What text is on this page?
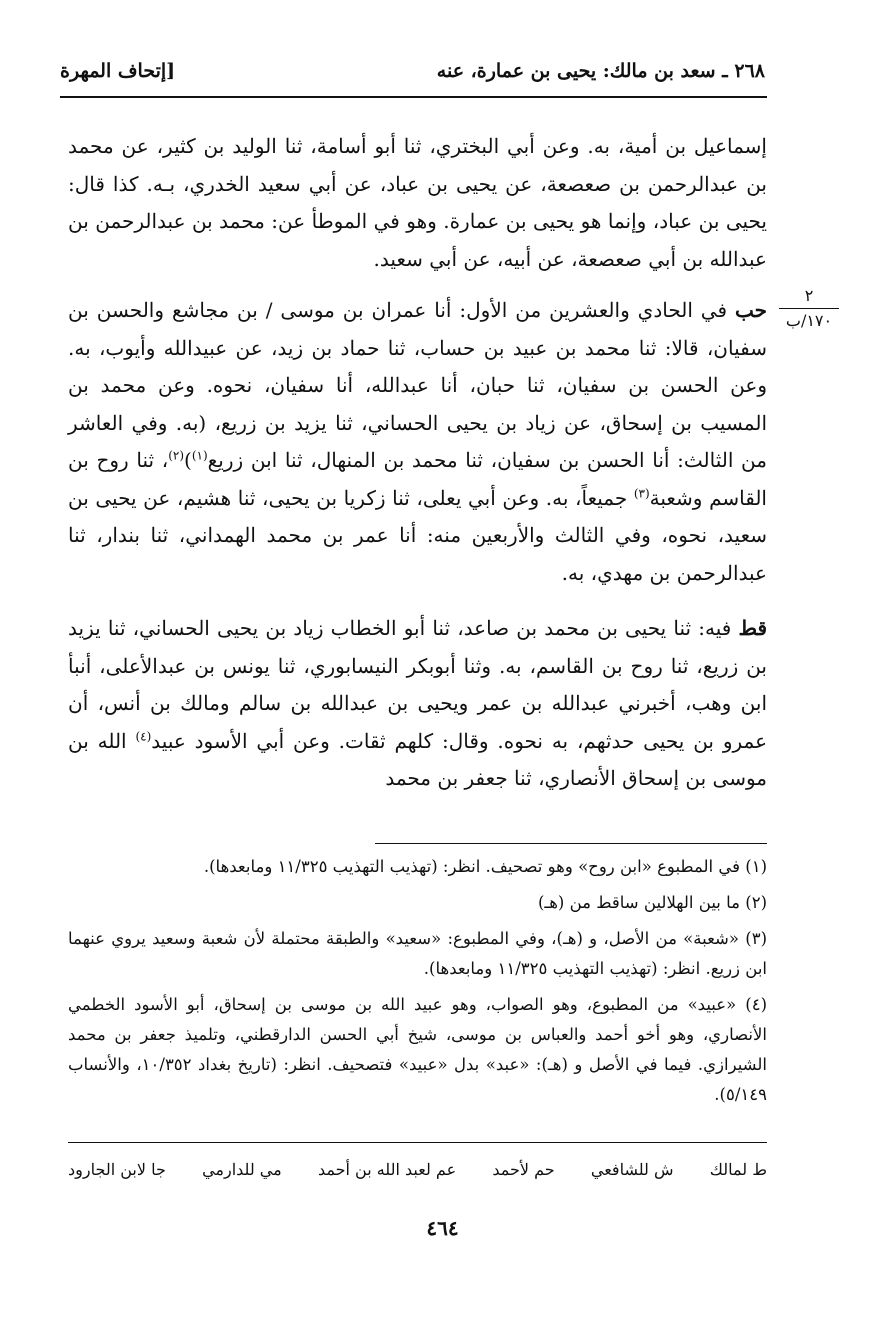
٢٦٨ ـ سعد بن مالك: يحيى بن عمارة، عنه
[إتحاف المهرة
٢
١٧٠/ب

إسماعيل بن أمية، به. وعن أبي البختري، ثنا أبو أسامة، ثنا الوليد بن كثير، عن محمد بن عبدالرحمن بن صعصعة، عن يحيى بن عباد، عن أبي سعيد الخدري، بـه. كذا قال: يحيى بن عباد، وإنما هو يحيى بن عمارة. وهو في الموطأ عن: محمد بن عبدالرحمن بن عبدالله بن أبي صعصعة، عن أبيه، عن أبي سعيد.

حب في الحادي والعشرين من الأول: أنا عمران بن موسى / بن مجاشع والحسن بن سفيان، قالا: ثنا محمد بن عبيد بن حساب، ثنا حماد بن زيد، عن عبيدالله وأيوب، به. وعن الحسن بن سفيان، ثنا حبان، أنا عبدالله، أنا سفيان، نحوه. وعن محمد بن المسيب بن إسحاق، عن زياد بن يحيى الحساني، ثنا يزيد بن زريع، (به. وفي العاشر من الثالث: أنا الحسن بن سفيان، ثنا محمد بن المنهال، ثنا ابن زريع$^{(١)}$)$^{(٢)}$، ثنا روح بن القاسم وشعبة$^{(٣)}$ جميعاً، به. وعن أبي يعلى، ثنا زكريا بن يحيى، ثنا هشيم، عن يحيى بن سعيد، نحوه، وفي الثالث والأربعين منه: أنا عمر بن محمد الهمداني، ثنا بندار، ثنا عبدالرحمن بن مهدي، به.

قط فيه: ثنا يحيى بن محمد بن صاعد، ثنا أبو الخطاب زياد بن يحيى الحساني، ثنا يزيد بن زريع، ثنا روح بن القاسم، به. وثنا أبوبكر النيسابوري، ثنا يونس بن عبدالأعلى، أنبأ ابن وهب، أخبرني عبدالله بن عمر ويحيى بن عبدالله بن سالم ومالك بن أنس، أن عمرو بن يحيى حدثهم، به نحوه. وقال: كلهم ثقات. وعن أبي الأسود عبيد$^{(٤)}$ الله بن موسى بن إسحاق الأنصاري، ثنا جعفر بن محمد

(١) في المطبوع «ابن روح» وهو تصحيف. انظر: (تهذيب التهذيب ١١/٣٢٥ ومابعدها).

(٢) ما بين الهلالين ساقط من (هـ)

(٣) «شعبة» من الأصل، و (هـ)، وفي المطبوع: «سعيد» والطبقة محتملة لأن شعبة وسعيد يروي عنهما ابن زريع. انظر: (تهذيب التهذيب ١١/٣٢٥ ومابعدها).

(٤) «عبيد» من المطبوع، وهو الصواب، وهو عبيد الله بن موسى بن إسحاق، أبو الأسود الخطمي الأنصاري، وهو أخو أحمد والعباس بن موسى، شيخ أبي الحسن الدارقطني، وتلميذ جعفر بن محمد الشيرازي. فيما في الأصل و (هـ): «عبد» بدل «عبيد» فتصحيف. انظر: (تاريخ بغداد ١٠/٣٥٢، والأنساب ٥/١٤٩).

ط لمالك
ش للشافعي
حم لأحمد
عم لعبد الله بن أحمد
مي للدارمي
جا لابن الجارود
٤٦٤
